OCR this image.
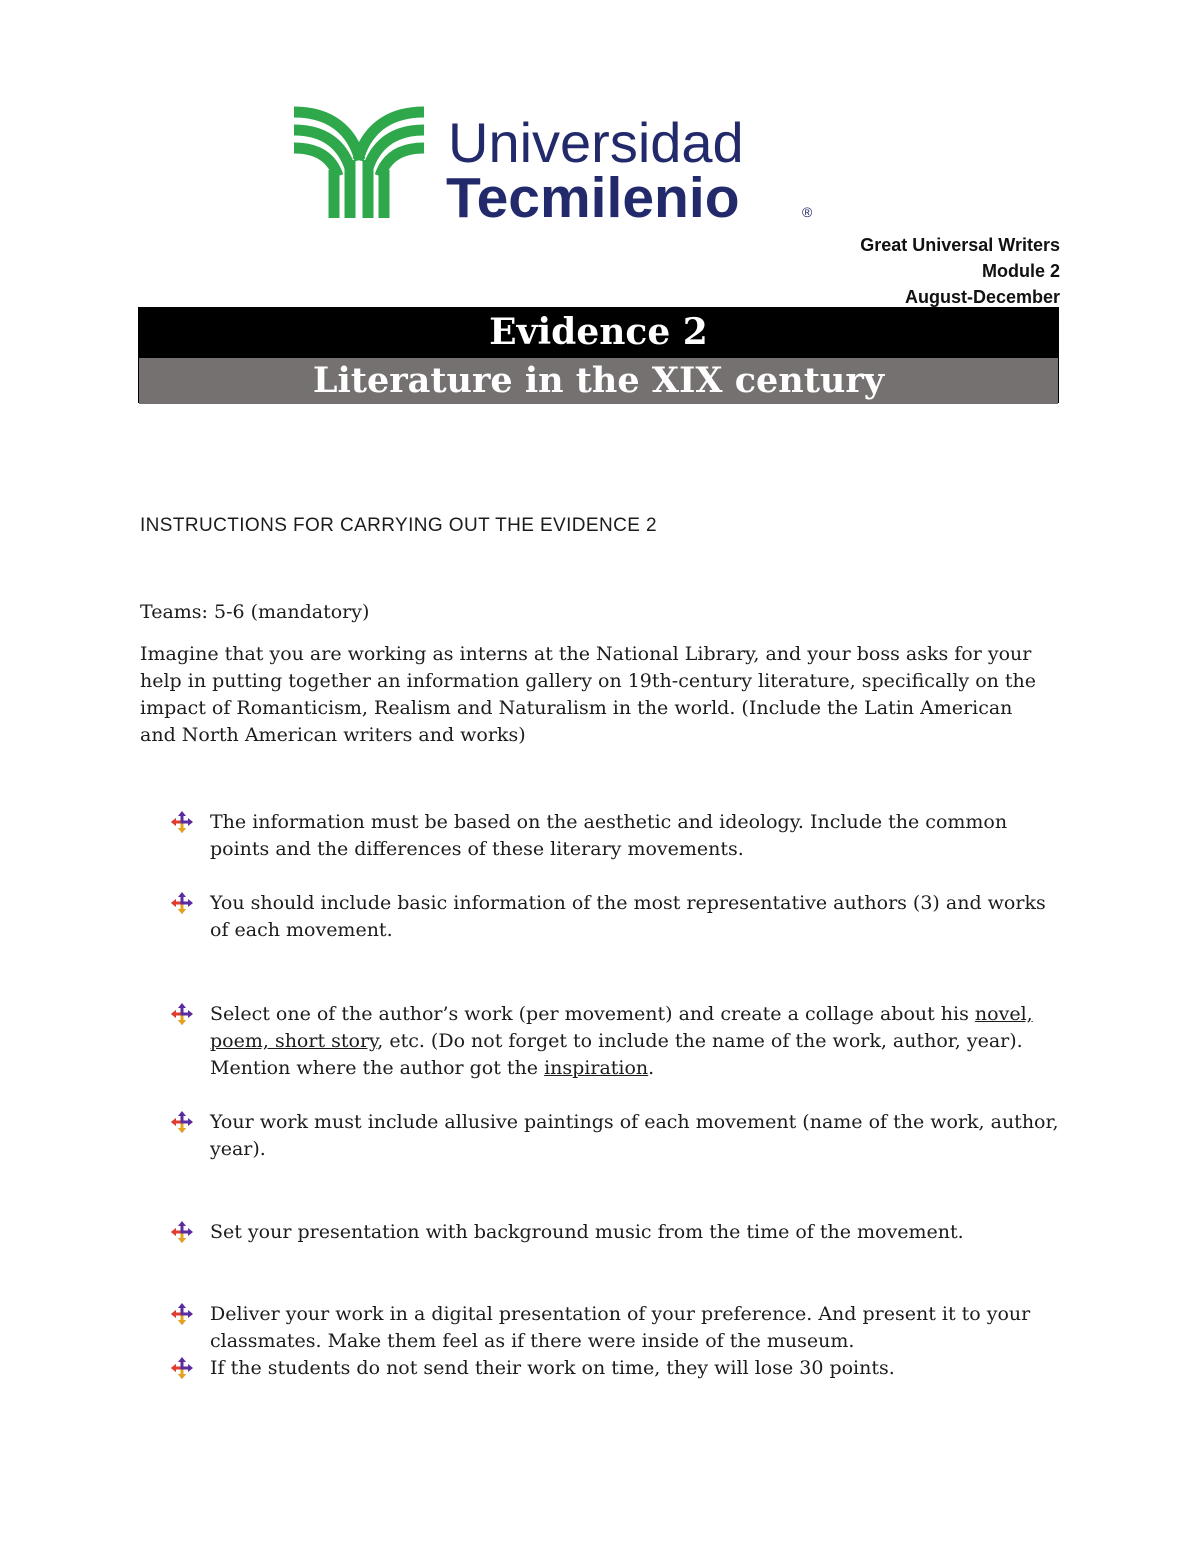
Universidad
Tecmilenio	®
Great Universal Writers
Module 2
August-December
Evidence 2
Literature in the XIX century
INSTRUCTIONS FOR CARRYING OUT THE EVIDENCE 2
Teams: 5-6 (mandatory)
Imagine that you are working as interns at the National Library, and your boss asks for your help in putting together an information gallery on 19th-century literature, specifically on the impact of Romanticism, Realism and Naturalism in the world. (Include the Latin American and North American writers and works)
The information must be based on the aesthetic and ideology. Include the common points and the differences of these literary movements.
You should include basic information of the most representative authors (3) and works of each movement.
Select one of the author’s work (per movement) and create a collage about his novel, poem, short story, etc. (Do not forget to include the name of the work, author, year). Mention where the author got the inspiration.
Your work must include allusive paintings of each movement (name of the work, author, year).
Set your presentation with background music from the time of the movement.
Deliver your work in a digital presentation of your preference. And present it to your classmates. Make them feel as if there were inside of the museum.
If the students do not send their work on time, they will lose 30 points.
